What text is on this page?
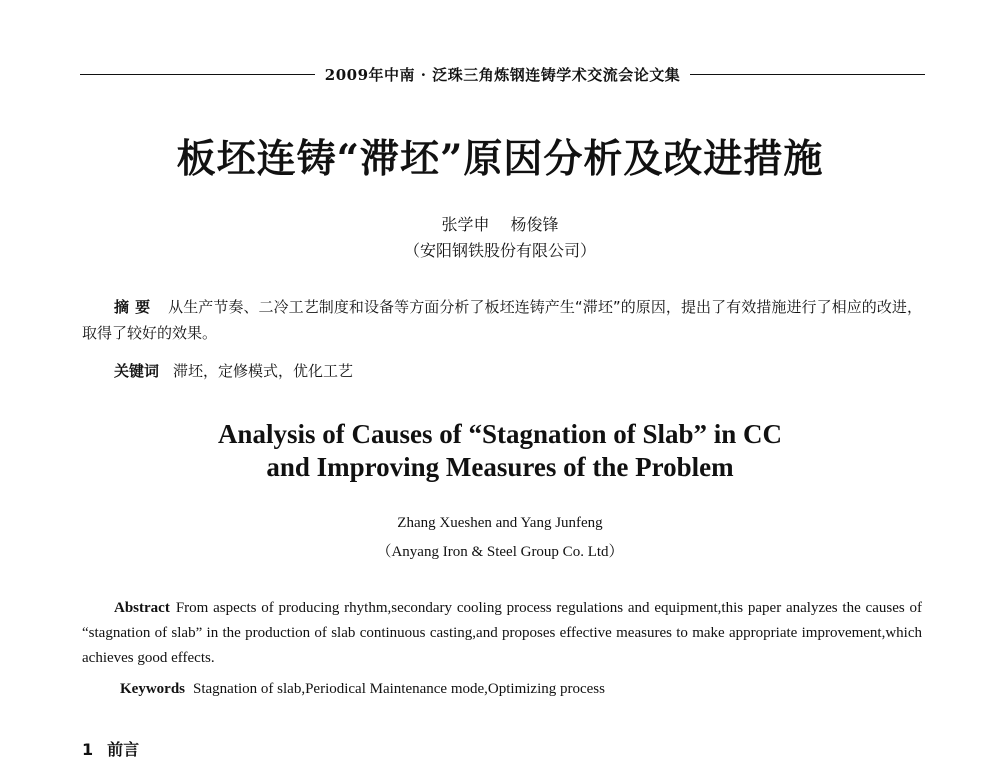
2009年中南 · 泛珠三角炼钢连铸学术交流会论文集
板坯连铸“滞坯”原因分析及改进措施
张学申 杨俊锋
（安阳钢铁股份有限公司）
摘要 从生产节奏、二冷工艺制度和设备等方面分析了板坯连铸产生“滞坯”的原因，提出了有效措施进行了相应的改进，取得了较好的效果。
关键词 滞坯，定修模式，优化工艺
Analysis of Causes of “Stagnation of Slab” in CC
and Improving Measures of the Problem
Zhang Xueshen and Yang Junfeng
（Anyang Iron & Steel Group Co. Ltd）
Abstract From aspects of producing rhythm,secondary cooling process regulations and equipment,this paper analyzes the causes of “stagnation of slab” in the production of slab continuous casting,and proposes effective measures to make appropriate improvement,which achieves good effects.
Keywords Stagnation of slab,Periodical Maintenance mode,Optimizing process
1 前言
